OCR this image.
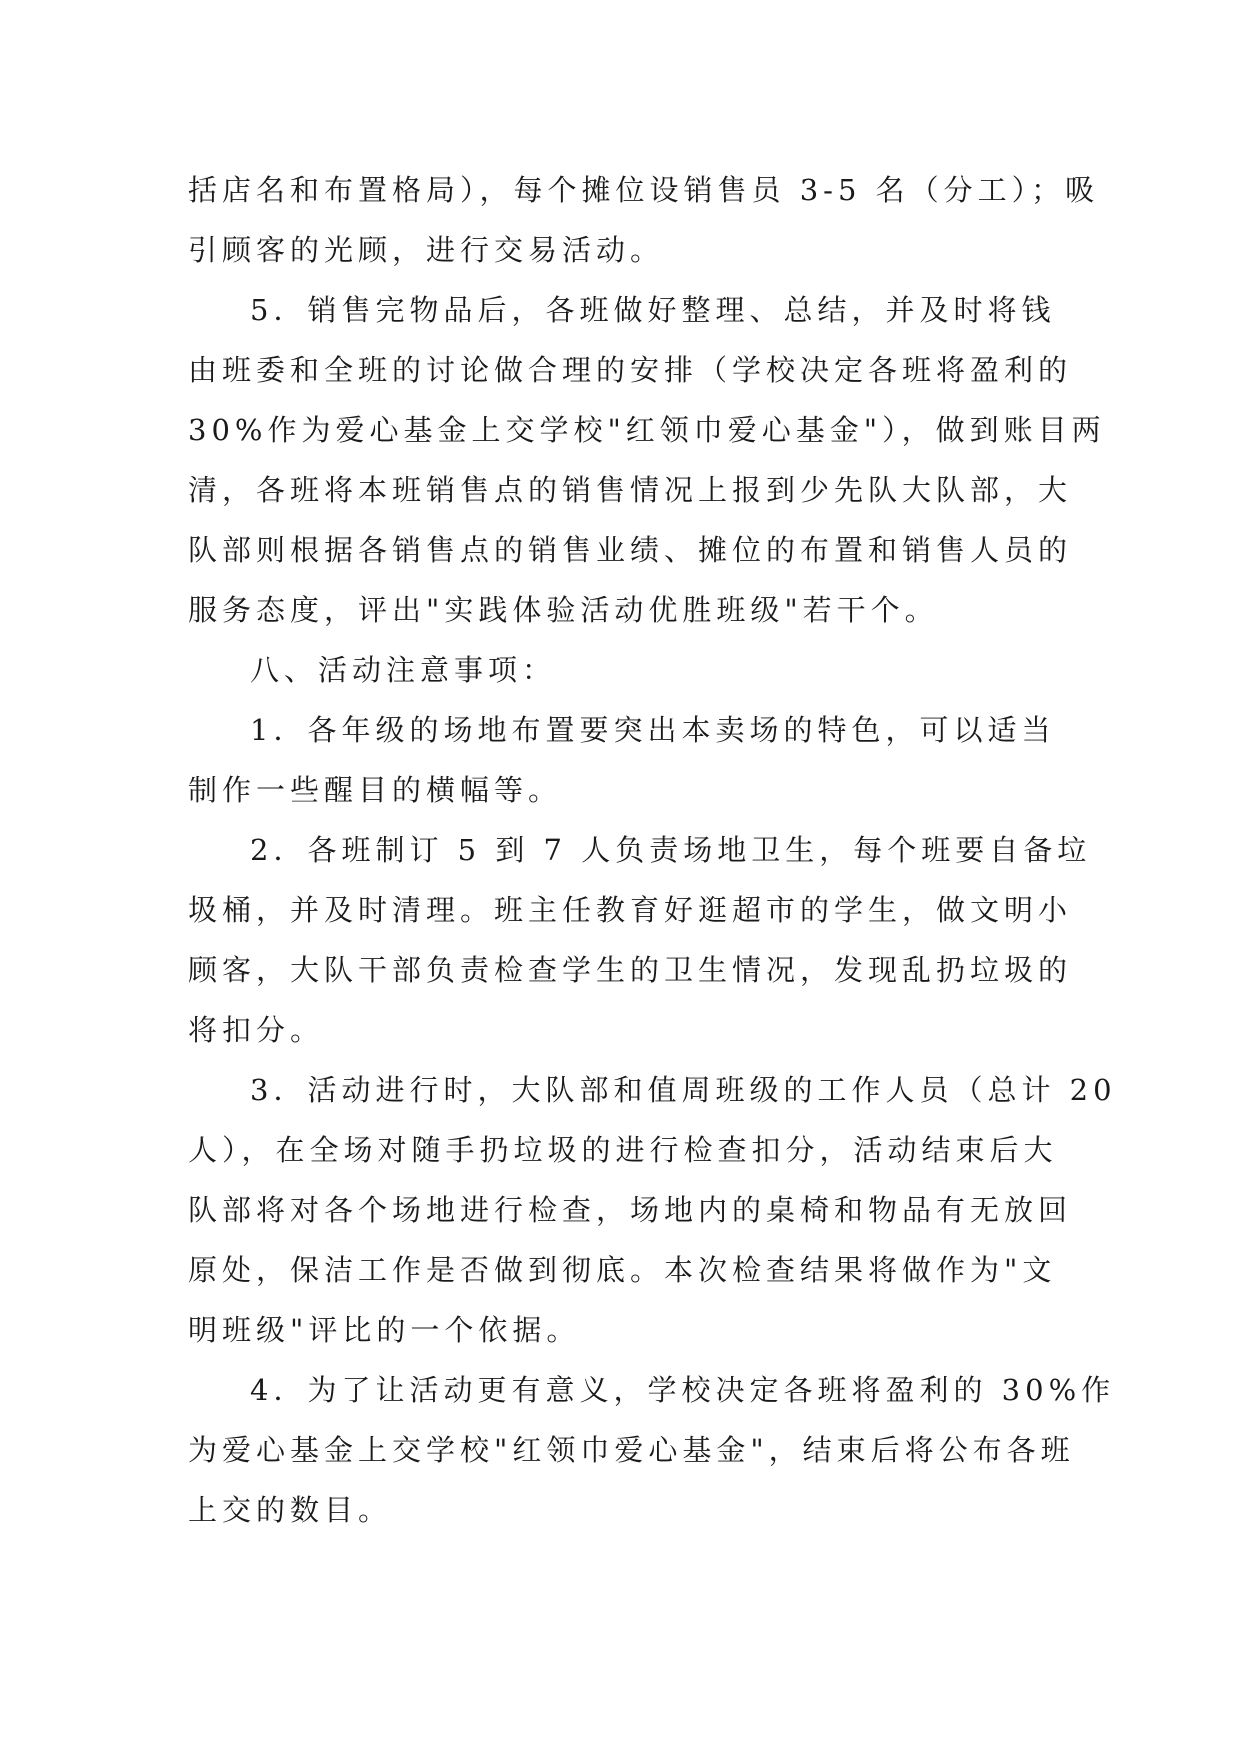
括店名和布置格局），每个摊位设销售员 3-5 名（分工）；吸
引顾客的光顾，进行交易活动。
5．销售完物品后，各班做好整理、总结，并及时将钱
由班委和全班的讨论做合理的安排（学校决定各班将盈利的
30%作为爱心基金上交学校"红领巾爱心基金"），做到账目两
清，各班将本班销售点的销售情况上报到少先队大队部，大
队部则根据各销售点的销售业绩、摊位的布置和销售人员的
服务态度，评出"实践体验活动优胜班级"若干个。
八、活动注意事项：
1．各年级的场地布置要突出本卖场的特色，可以适当
制作一些醒目的横幅等。
2．各班制订 5 到 7 人负责场地卫生，每个班要自备垃
圾桶，并及时清理。班主任教育好逛超市的学生，做文明小
顾客，大队干部负责检查学生的卫生情况，发现乱扔垃圾的
将扣分。
3．活动进行时，大队部和值周班级的工作人员（总计 20
人），在全场对随手扔垃圾的进行检查扣分，活动结束后大
队部将对各个场地进行检查，场地内的桌椅和物品有无放回
原处，保洁工作是否做到彻底。本次检查结果将做作为"文
明班级"评比的一个依据。
4．为了让活动更有意义，学校决定各班将盈利的 30%作
为爱心基金上交学校"红领巾爱心基金"，结束后将公布各班
上交的数目。
